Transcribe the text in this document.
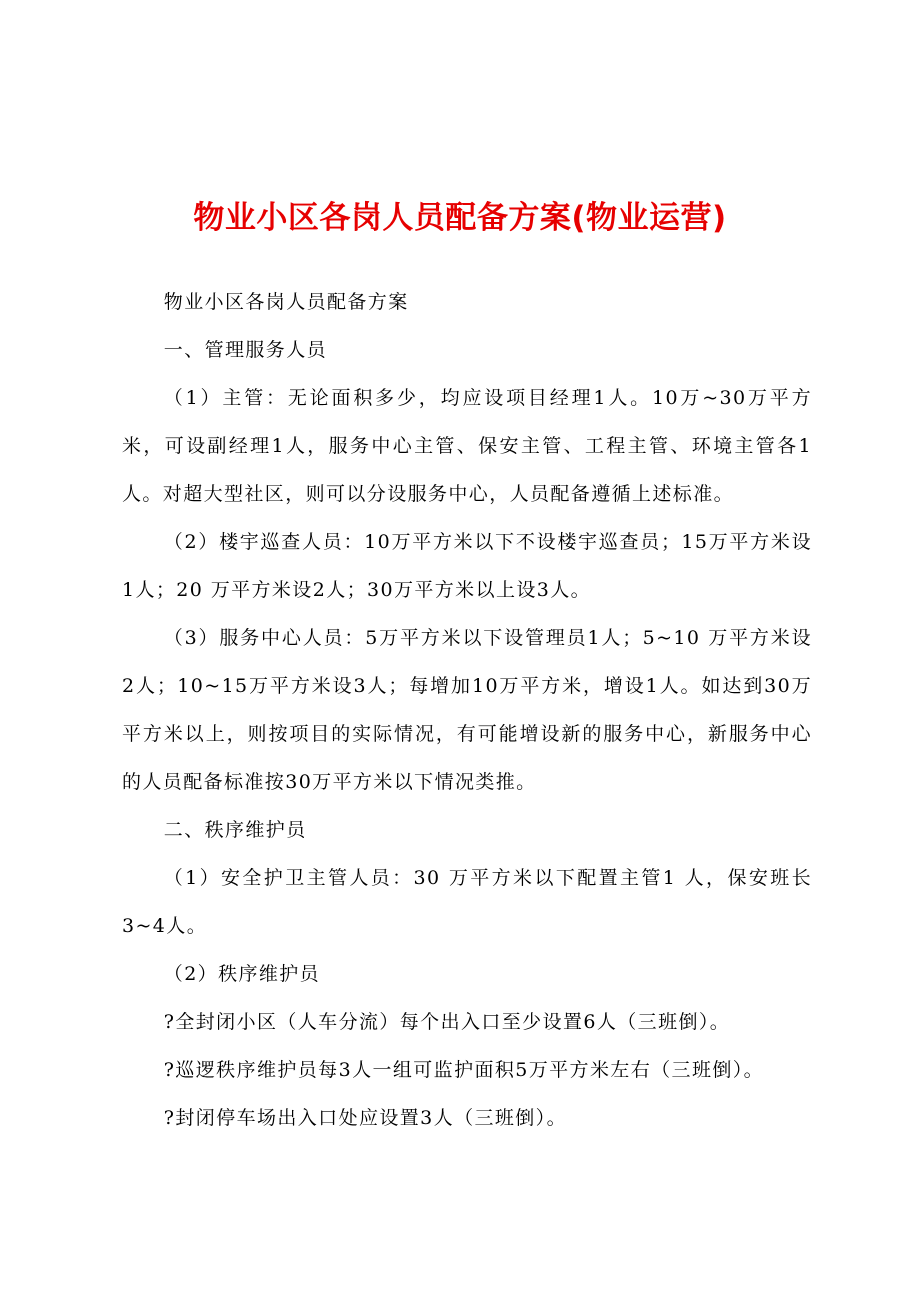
物业小区各岗人员配备方案(物业运营)

物业小区各岗人员配备方案

一、管理服务人员

（1）主管：无论面积多少，均应设项目经理1人。10万~30万平方米，可设副经理1人，服务中心主管、保安主管、工程主管、环境主管各1人。对超大型社区，则可以分设服务中心，人员配备遵循上述标准。

（2）楼宇巡查人员：10万平方米以下不设楼宇巡查员；15万平方米设1人；20 万平方米设2人；30万平方米以上设3人。

（3）服务中心人员：5万平方米以下设管理员1人；5~10 万平方米设2人；10~15万平方米设3人；每增加10万平方米，增设1人。如达到30万平方米以上，则按项目的实际情况，有可能增设新的服务中心，新服务中心的人员配备标准按30万平方米以下情况类推。

二、秩序维护员

（1）安全护卫主管人员：30 万平方米以下配置主管1 人，保安班长3~4人。

（2）秩序维护员

?全封闭小区（人车分流）每个出入口至少设置6人（三班倒）。

?巡逻秩序维护员每3人一组可监护面积5万平方米左右（三班倒）。

?封闭停车场出入口处应设置3人（三班倒）。
